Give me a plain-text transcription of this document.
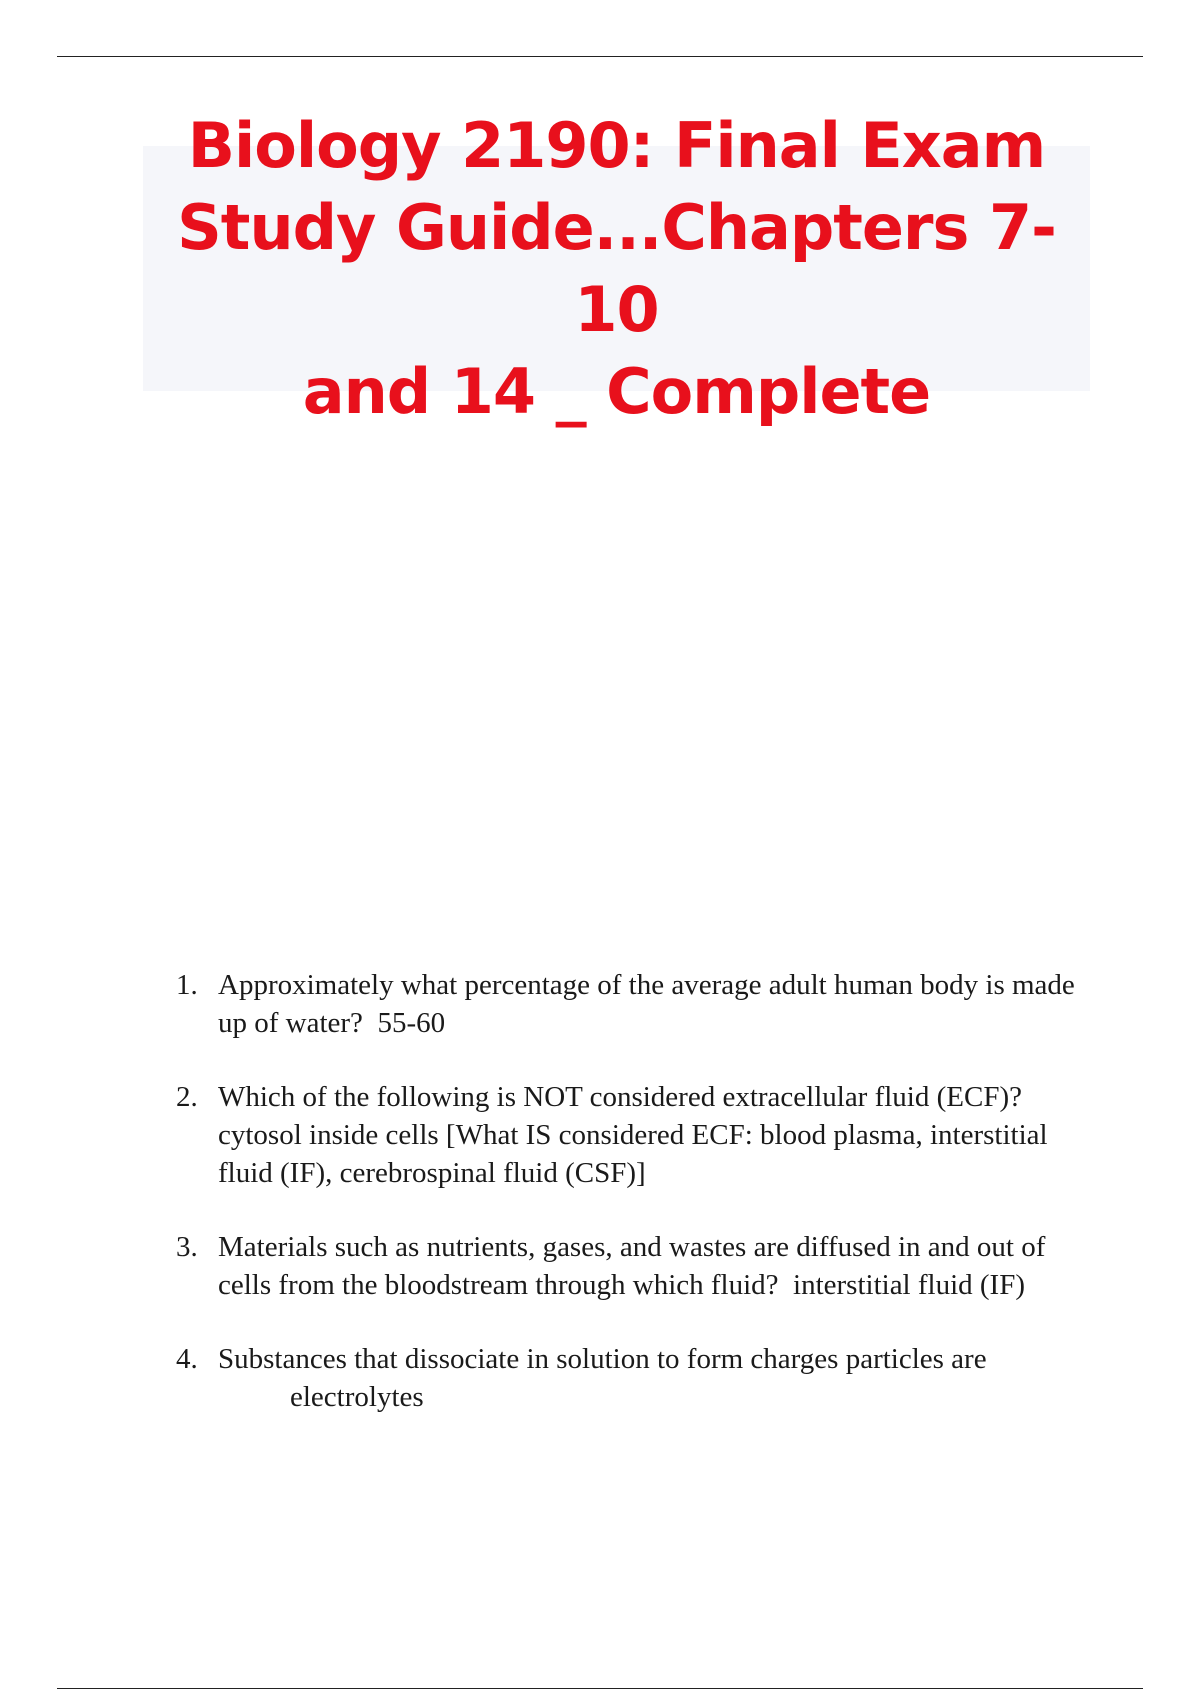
Biology 2190: Final Exam
Study Guide...Chapters 7-10
and 14 _ Complete
1. Approximately what percentage of the average adult human body is made up of water? 55-60
2. Which of the following is NOT considered extracellular fluid (ECF)?cytosol inside cells [What IS considered ECF: blood plasma, interstitial fluid (IF), cerebrospinal fluid (CSF)]
3. Materials such as nutrients, gases, and wastes are diffused in and out of cells from the bloodstream through which fluid? interstitial fluid (IF)
4. Substances that dissociate in solution to form charges particles are
electrolytes
